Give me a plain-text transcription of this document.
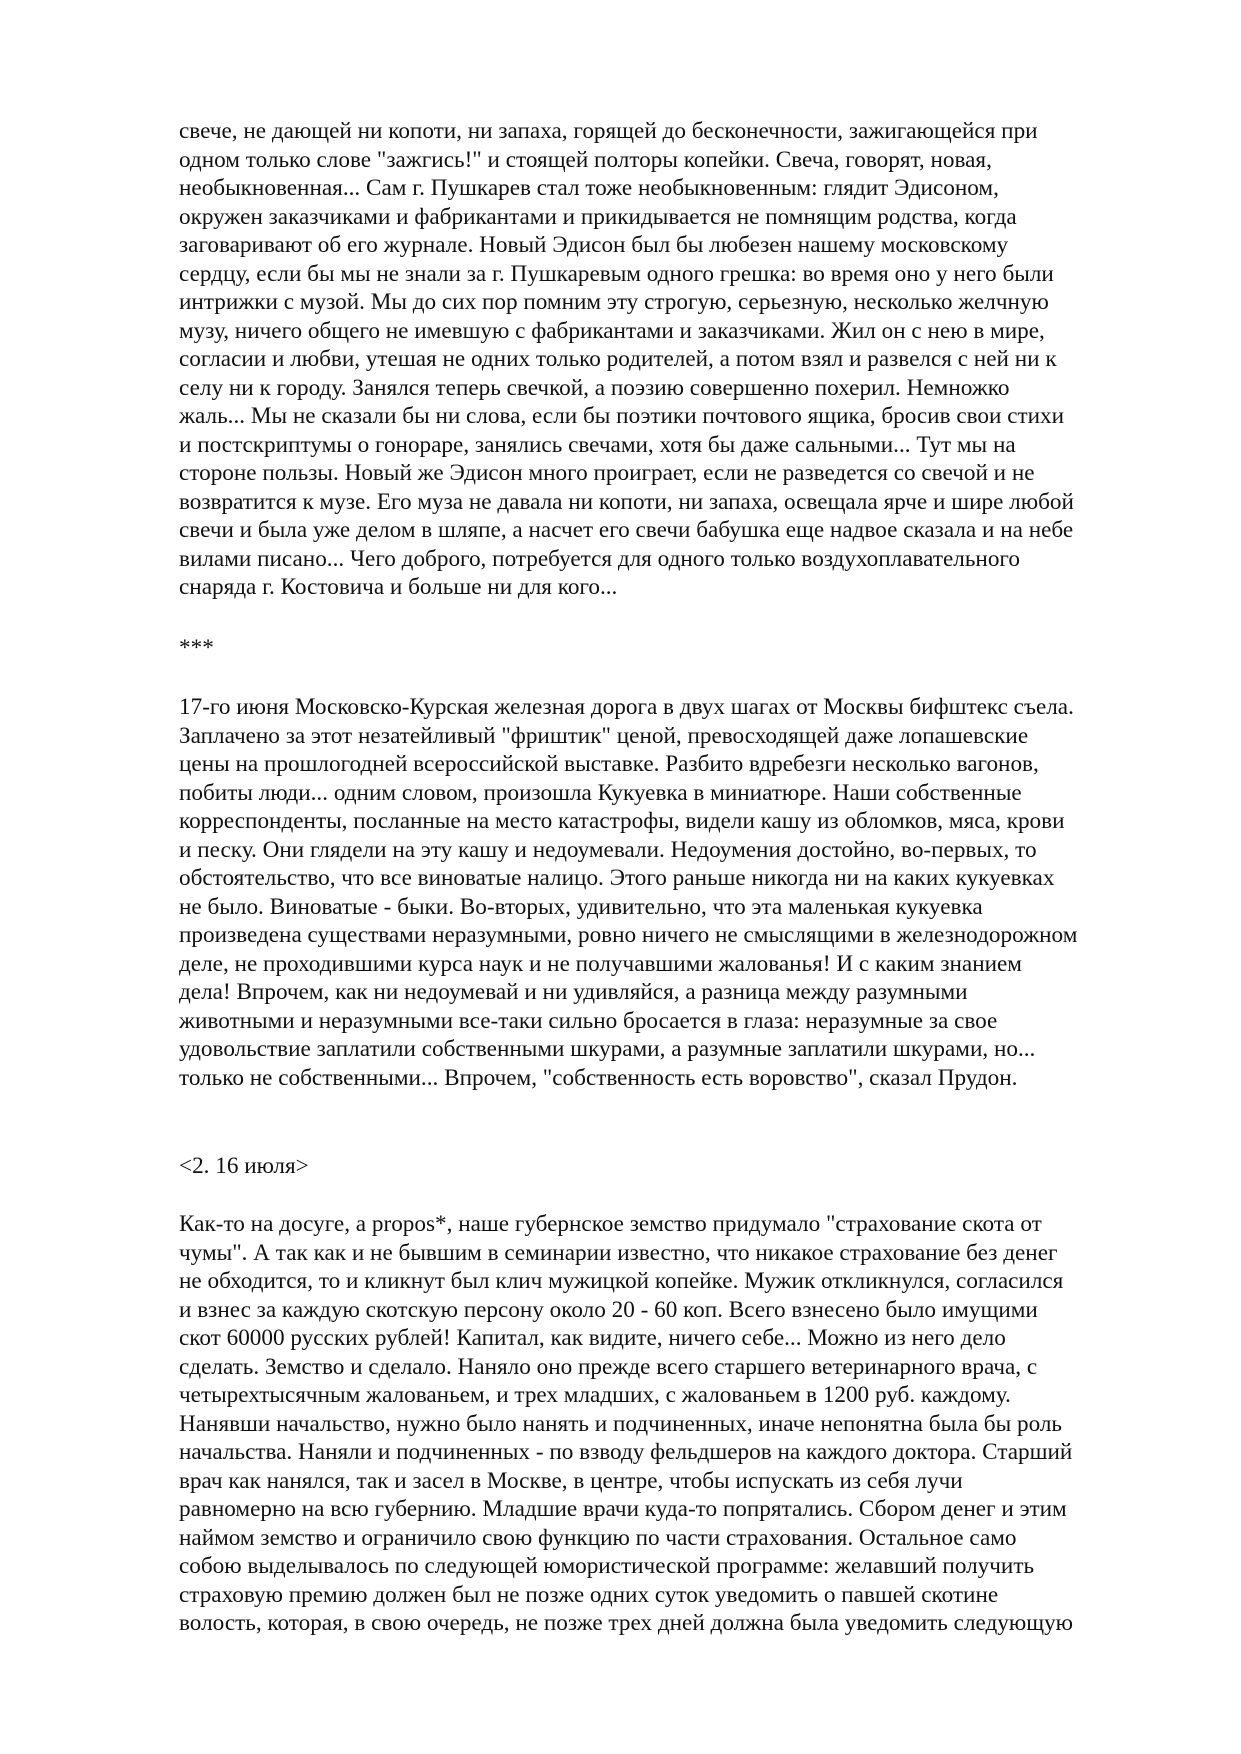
свече, не дающей ни копоти, ни запаха, горящей до бесконечности, зажигающейся при
одном только слове "зажгись!" и стоящей полторы копейки. Свеча, говорят, новая,
необыкновенная... Сам г. Пушкарев стал тоже необыкновенным: глядит Эдисоном,
окружен заказчиками и фабрикантами и прикидывается не помнящим родства, когда
заговаривают об его журнале. Новый Эдисон был бы любезен нашему московскому
сердцу, если бы мы не знали за г. Пушкаревым одного грешка: во время оно у него были
интрижки с музой. Мы до сих пор помним эту строгую, серьезную, несколько желчную
музу, ничего общего не имевшую с фабрикантами и заказчиками. Жил он с нею в мире,
согласии и любви, утешая не одних только родителей, а потом взял и развелся с ней ни к
селу ни к городу. Занялся теперь свечкой, а поэзию совершенно похерил. Немножко
жаль... Мы не сказали бы ни слова, если бы поэтики почтового ящика, бросив свои стихи
и постскриптумы о гонораре, занялись свечами, хотя бы даже сальными... Тут мы на
стороне пользы. Новый же Эдисон много проиграет, если не разведется со свечой и не
возвратится к музе. Его муза не давала ни копоти, ни запаха, освещала ярче и шире любой
свечи и была уже делом в шляпе, а насчет его свечи бабушка еще надвое сказала и на небе
вилами писано... Чего доброго, потребуется для одного только воздухоплавательного
снаряда г. Костовича и больше ни для кого...
***
17-го июня Московско-Курская железная дорога в двух шагах от Москвы бифштекс съела.
Заплачено за этот незатейливый "фриштик" ценой, превосходящей даже лопашевские
цены на прошлогодней всероссийской выставке. Разбито вдребезги несколько вагонов,
побиты люди... одним словом, произошла Кукуевка в миниатюре. Наши собственные
корреспонденты, посланные на место катастрофы, видели кашу из обломков, мяса, крови
и песку. Они глядели на эту кашу и недоумевали. Недоумения достойно, во-первых, то
обстоятельство, что все виноватые налицо. Этого раньше никогда ни на каких кукуевках
не было. Виноватые - быки. Во-вторых, удивительно, что эта маленькая кукуевка
произведена существами неразумными, ровно ничего не смыслящими в железнодорожном
деле, не проходившими курса наук и не получавшими жалованья! И с каким знанием
дела! Впрочем, как ни недоумевай и ни удивляйся, а разница между разумными
животными и неразумными все-таки сильно бросается в глаза: неразумные за свое
удовольствие заплатили собственными шкурами, а разумные заплатили шкурами, но...
только не собственными... Впрочем, "собственность есть воровство", сказал Прудон.
<2. 16 июля>
Как-то на досуге, a propos*, наше губернское земство придумало "страхование скота от
чумы". А так как и не бывшим в семинарии известно, что никакое страхование без денег
не обходится, то и кликнут был клич мужицкой копейке. Мужик откликнулся, согласился
и взнес за каждую скотскую персону около 20 - 60 коп. Всего взнесено было имущими
скот 60000 русских рублей! Капитал, как видите, ничего себе... Можно из него дело
сделать. Земство и сделало. Наняло оно прежде всего старшего ветеринарного врача, с
четырехтысячным жалованьем, и трех младших, с жалованьем в 1200 руб. каждому.
Нанявши начальство, нужно было нанять и подчиненных, иначе непонятна была бы роль
начальства. Наняли и подчиненных - по взводу фельдшеров на каждого доктора. Старший
врач как нанялся, так и засел в Москве, в центре, чтобы испускать из себя лучи
равномерно на всю губернию. Младшие врачи куда-то попрятались. Сбором денег и этим
наймом земство и ограничило свою функцию по части страхования. Остальное само
собою выделывалось по следующей юмористической программе: желавший получить
страховую премию должен был не позже одних суток уведомить о павшей скотине
волость, которая, в свою очередь, не позже трех дней должна была уведомить следующую
